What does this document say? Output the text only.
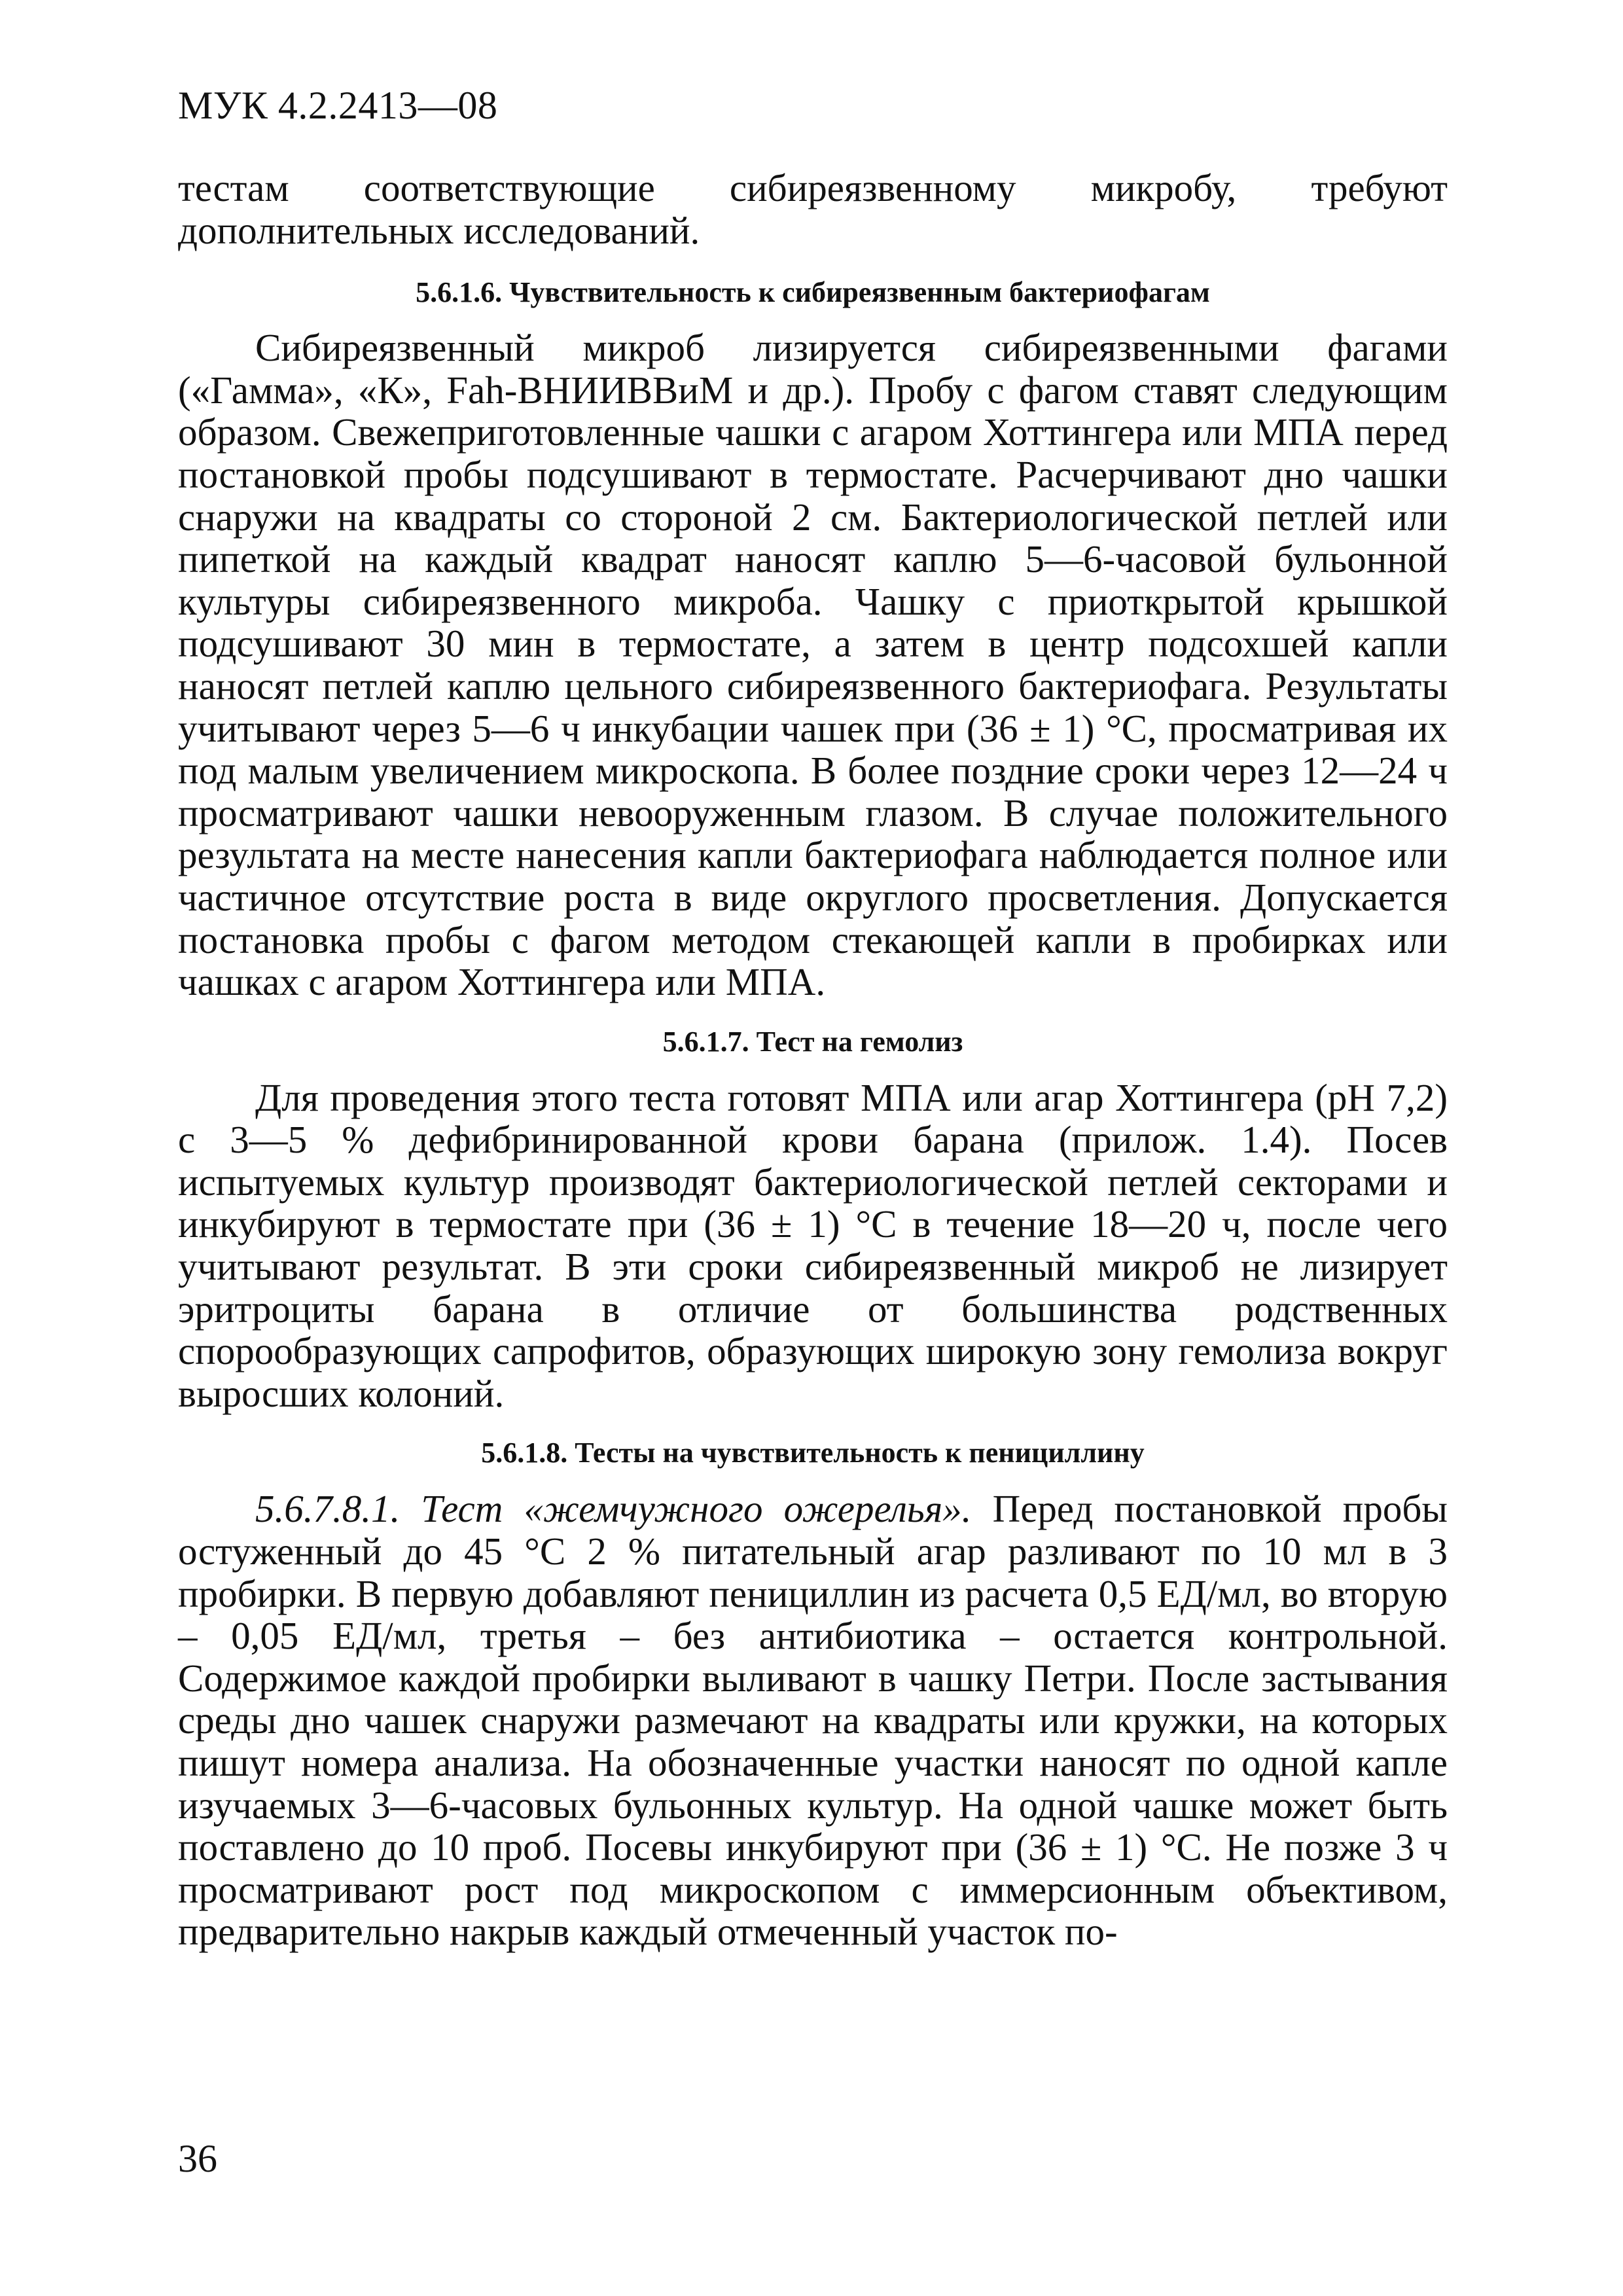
МУК 4.2.2413—08

тестам соответствующие сибиреязвенному микробу, требуют дополнительных исследований.

5.6.1.6. Чувствительность к сибиреязвенным бактериофагам

Сибиреязвенный микроб лизируется сибиреязвенными фагами («Гамма», «К», Fah-ВНИИВВиМ и др.). Пробу с фагом ставят следующим образом. Свежеприготовленные чашки с агаром Хоттингера или МПА перед постановкой пробы подсушивают в термостате. Расчерчивают дно чашки снаружи на квадраты со стороной 2 см. Бактериологической петлей или пипеткой на каждый квадрат наносят каплю 5—6-часовой бульонной культуры сибиреязвенного микроба. Чашку с приоткрытой крышкой подсушивают 30 мин в термостате, а затем в центр подсохшей капли наносят петлей каплю цельного сибиреязвенного бактериофага. Результаты учитывают через 5—6 ч инкубации чашек при (36 ± 1) °С, просматривая их под малым увеличением микроскопа. В более поздние сроки через 12—24 ч просматривают чашки невооруженным глазом. В случае положительного результата на месте нанесения капли бактериофага наблюдается полное или частичное отсутствие роста в виде округлого просветления. Допускается постановка пробы с фагом методом стекающей капли в пробирках или чашках с агаром Хоттингера или МПА.

5.6.1.7. Тест на гемолиз

Для проведения этого теста готовят МПА или агар Хоттингера (рН 7,2) с 3—5 % дефибринированной крови барана (прилож. 1.4). Посев испытуемых культур производят бактериологической петлей секторами и инкубируют в термостате при (36 ± 1) °С в течение 18—20 ч, после чего учитывают результат. В эти сроки сибиреязвенный микроб не лизирует эритроциты барана в отличие от большинства родственных спорообразующих сапрофитов, образующих широкую зону гемолиза вокруг выросших колоний.

5.6.1.8. Тесты на чувствительность к пенициллину

5.6.7.8.1. Тест «жемчужного ожерелья». Перед постановкой пробы остуженный до 45 °С 2 % питательный агар разливают по 10 мл в 3 пробирки. В первую добавляют пенициллин из расчета 0,5 ЕД/мл, во вторую – 0,05 ЕД/мл, третья – без антибиотика – остается контрольной. Содержимое каждой пробирки выливают в чашку Петри. После застывания среды дно чашек снаружи размечают на квадраты или кружки, на которых пишут номера анализа. На обозначенные участки наносят по одной капле изучаемых 3—6-часовых бульонных культур. На одной чашке может быть поставлено до 10 проб. Посевы инкубируют при (36 ± 1) °С. Не позже 3 ч просматривают рост под микроскопом с иммерсионным объективом, предварительно накрыв каждый отмеченный участок по-

36
